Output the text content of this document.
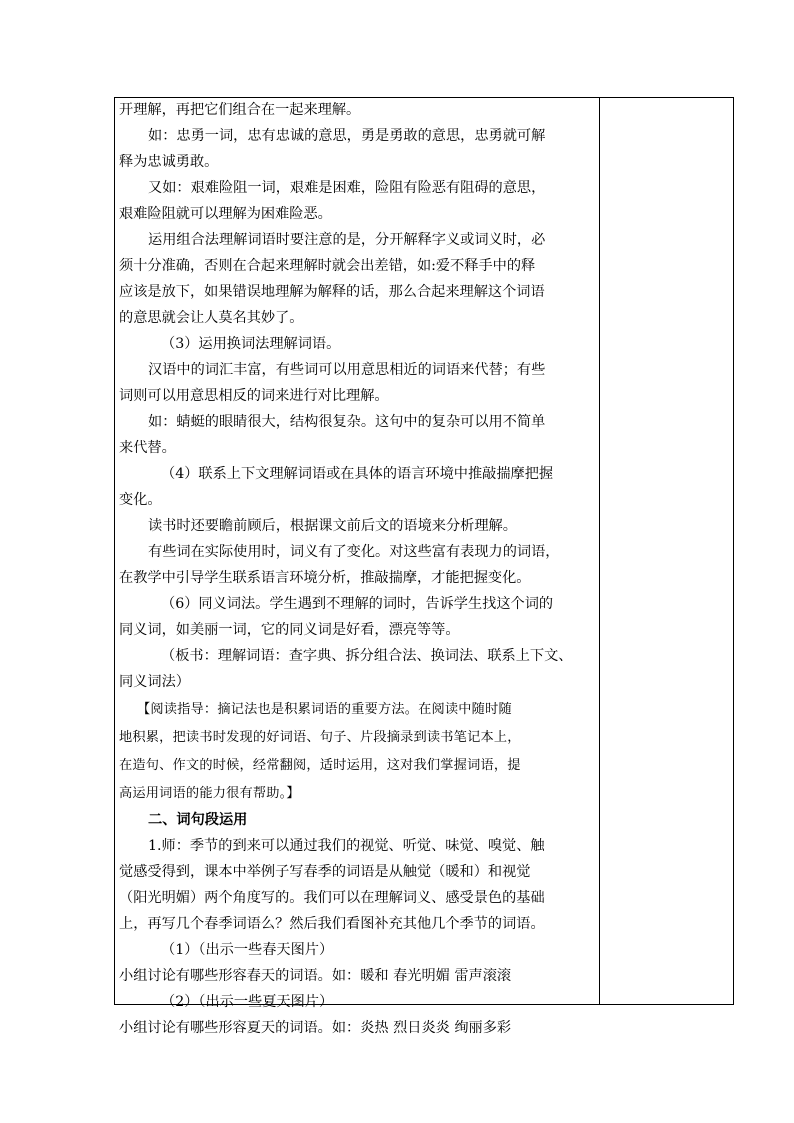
开理解，再把它们组合在一起来理解。
如：忠勇一词，忠有忠诚的意思，勇是勇敢的意思，忠勇就可解
释为忠诚勇敢。
又如：艰难险阻一词，艰难是困难，险阻有险恶有阻碍的意思，
艰难险阻就可以理解为困难险恶。
运用组合法理解词语时要注意的是，分开解释字义或词义时，必
须十分准确，否则在合起来理解时就会出差错，如:爱不释手中的释
应该是放下，如果错误地理解为解释的话，那么合起来理解这个词语
的意思就会让人莫名其妙了。
（3）运用换词法理解词语。
汉语中的词汇丰富，有些词可以用意思相近的词语来代替；有些
词则可以用意思相反的词来进行对比理解。
如：蜻蜓的眼睛很大，结构很复杂。这句中的复杂可以用不简单
来代替。
（4）联系上下文理解词语或在具体的语言环境中推敲揣摩把握
变化。
读书时还要瞻前顾后，根据课文前后文的语境来分析理解。
有些词在实际使用时，词义有了变化。对这些富有表现力的词语，
在教学中引导学生联系语言环境分析，推敲揣摩，才能把握变化。
（6）同义词法。学生遇到不理解的词时，告诉学生找这个词的
同义词，如美丽一词，它的同义词是好看，漂亮等等。
（板书：理解词语：查字典、拆分组合法、换词法、联系上下文、
同义词法）
【阅读指导：摘记法也是积累词语的重要方法。在阅读中随时随
地积累，把读书时发现的好词语、句子、片段摘录到读书笔记本上，
在造句、作文的时候，经常翻阅，适时运用，这对我们掌握词语，提
高运用词语的能力很有帮助。】
二、词句段运用
1.师：季节的到来可以通过我们的视觉、听觉、味觉、嗅觉、触
觉感受得到，课本中举例子写春季的词语是从触觉（暖和）和视觉
（阳光明媚）两个角度写的。我们可以在理解词义、感受景色的基础
上，再写几个春季词语么？然后我们看图补充其他几个季节的词语。
（1）（出示一些春天图片）
小组讨论有哪些形容春天的词语。如：暖和 春光明媚 雷声滚滚
（2）（出示一些夏天图片）
小组讨论有哪些形容夏天的词语。如：炎热 烈日炎炎 绚丽多彩
